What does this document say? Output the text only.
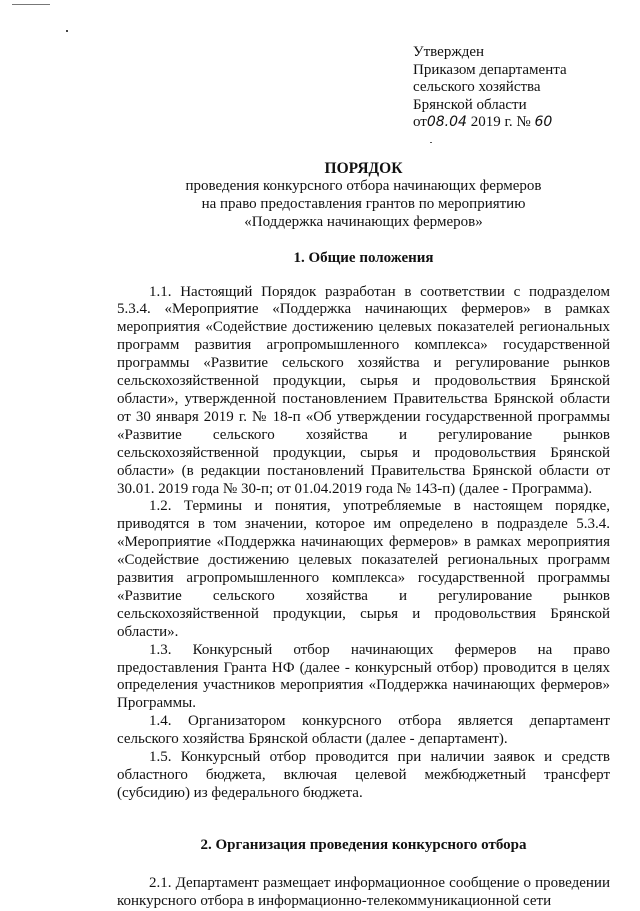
Утвержден
Приказом департамента
сельского хозяйства
Брянской области
от08.04 2019 г. № 60

ПОРЯДОК

проведения конкурсного отбора начинающих фермеров

на право предоставления грантов по мероприятию

«Поддержка начинающих фермеров»

1. Общие положения

1.1. Настоящий Порядок разработан в соответствии с подразделом 5.3.4. «Мероприятие «Поддержка начинающих фермеров» в рамках мероприятия «Содействие достижению целевых показателей региональных программ развития агропромышленного комплекса» государственной программы «Развитие сельского хозяйства и регулирование рынков сельскохозяйственной продукции, сырья и продовольствия Брянской области», утвержденной постановлением Правительства Брянской области от 30 января 2019 г. № 18-п «Об утверждении государственной программы «Развитие сельского хозяйства и регулирование рынков сельскохозяйственной продукции, сырья и продовольствия Брянской области» (в редакции постановлений Правительства Брянской области от 30.01. 2019 года № 30-п; от 01.04.2019 года № 143-п) (далее - Программа).

1.2. Термины и понятия, употребляемые в настоящем порядке, приводятся в том значении, которое им определено в подразделе 5.3.4. «Мероприятие «Поддержка начинающих фермеров» в рамках мероприятия «Содействие достижению целевых показателей региональных программ развития агропромышленного комплекса» государственной программы «Развитие сельского хозяйства и регулирование рынков сельскохозяйственной продукции, сырья и продовольствия Брянской области».

1.3. Конкурсный отбор начинающих фермеров на право предоставления Гранта НФ (далее - конкурсный отбор) проводится в целях определения участников мероприятия «Поддержка начинающих фермеров» Программы.

1.4. Организатором конкурсного отбора является департамент сельского хозяйства Брянской области (далее - департамент).

1.5. Конкурсный отбор проводится при наличии заявок и средств областного бюджета, включая целевой межбюджетный трансферт (субсидию) из федерального бюджета.

2. Организация проведения конкурсного отбора

2.1. Департамент размещает информационное сообщение о проведении конкурсного отбора в информационно-телекоммуникационной сети
